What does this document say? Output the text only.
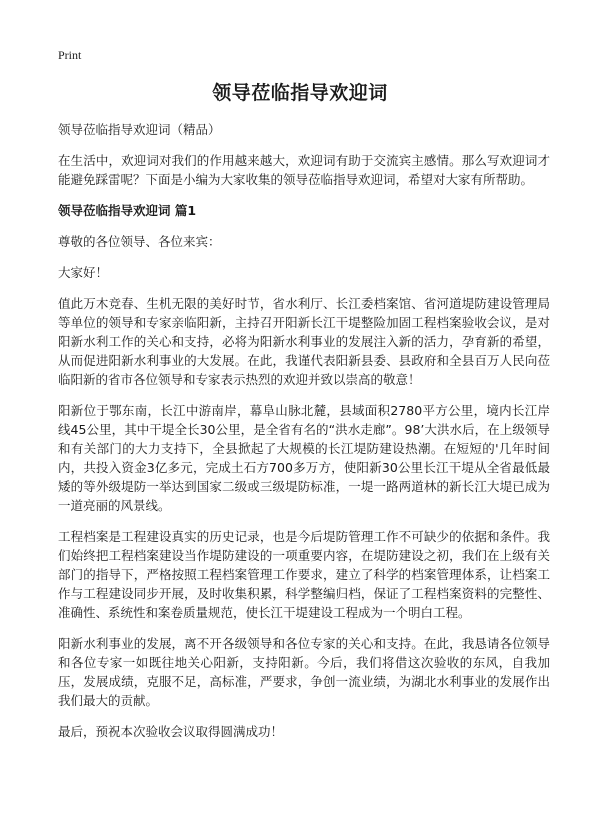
Print
领导莅临指导欢迎词

领导莅临指导欢迎词（精品）

在生活中，欢迎词对我们的作用越来越大，欢迎词有助于交流宾主感情。那么写欢迎词才能避免踩雷呢？下面是小编为大家收集的领导莅临指导欢迎词，希望对大家有所帮助。

领导莅临指导欢迎词 篇1

尊敬的各位领导、各位来宾：

大家好！

值此万木竞春、生机无限的美好时节，省水利厅、长江委档案馆、省河道堤防建设管理局等单位的领导和专家亲临阳新，主持召开阳新长江干堤整险加固工程档案验收会议，是对阳新水利工作的关心和支持，必将为阳新水利事业的发展注入新的活力，孕育新的希望，从而促进阳新水利事业的大发展。在此，我谨代表阳新县委、县政府和全县百万人民向莅临阳新的省市各位领导和专家表示热烈的欢迎并致以崇高的敬意！

阳新位于鄂东南，长江中游南岸，幕阜山脉北麓，县域面积2780平方公里，境内长江岸线45公里，其中干堤全长30公里，是全省有名的“洪水走廊”。98’大洪水后，在上级领导和有关部门的大力支持下，全县掀起了大规模的长江堤防建设热潮。在短短的'几年时间内，共投入资金3亿多元，完成土石方700多万方，使阳新30公里长江干堤从全省最低最矮的等外级堤防一举达到国家二级或三级堤防标准，一堤一路两道林的新长江大堤已成为一道亮丽的风景线。

工程档案是工程建设真实的历史记录，也是今后堤防管理工作不可缺少的依据和条件。我们始终把工程档案建设当作堤防建设的一项重要内容，在堤防建设之初，我们在上级有关部门的指导下，严格按照工程档案管理工作要求，建立了科学的档案管理体系，让档案工作与工程建设同步开展，及时收集积累，科学整编归档，保证了工程档案资料的完整性、准确性、系统性和案卷质量规范，使长江干堤建设工程成为一个明白工程。

阳新水利事业的发展，离不开各级领导和各位专家的关心和支持。在此，我恳请各位领导和各位专家一如既往地关心阳新，支持阳新。今后，我们将借这次验收的东风，自我加压，发展成绩，克服不足，高标准，严要求，争创一流业绩，为湖北水利事业的发展作出我们最大的贡献。

最后，预祝本次验收会议取得圆满成功！
